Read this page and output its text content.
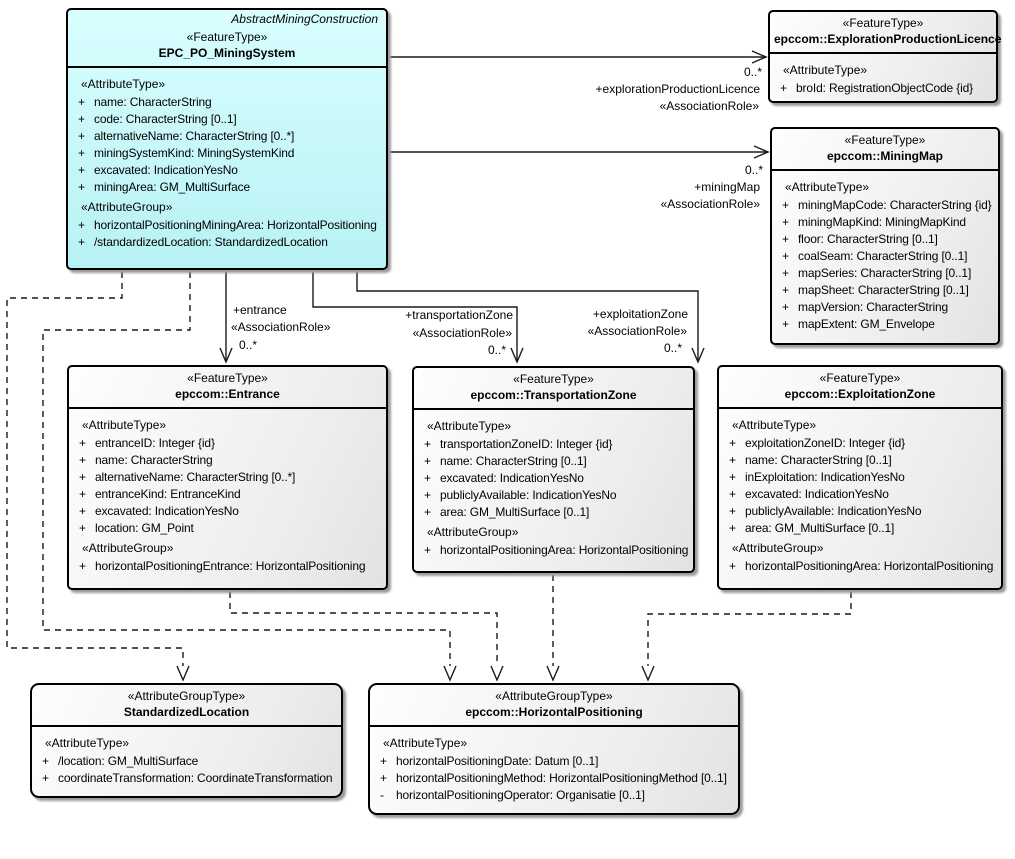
AbstractMiningConstruction
«FeatureType»
EPC_PO_MiningSystem
«AttributeType»
+ name: CharacterString
+ code: CharacterString [0..1]
+ alternativeName: CharacterString [0..*]
+ miningSystemKind: MiningSystemKind
+ excavated: IndicationYesNo
+ miningArea: GM_MultiSurface
«AttributeGroup»
+ horizontalPositioningMiningArea: HorizontalPositioning
+ /standardizedLocation: StandardizedLocation
«FeatureType»
epccom::ExplorationProductionLicence
«AttributeType»
+ broId: RegistrationObjectCode {id}
«FeatureType»
epccom::MiningMap
«AttributeType»
+ miningMapCode: CharacterString {id}
+ miningMapKind: MiningMapKind
+ floor: CharacterString [0..1]
+ coalSeam: CharacterString [0..1]
+ mapSeries: CharacterString [0..1]
+ mapSheet: CharacterString [0..1]
+ mapVersion: CharacterString
+ mapExtent: GM_Envelope
«FeatureType»
epccom::Entrance
«AttributeType»
+ entranceID: Integer {id}
+ name: CharacterString
+ alternativeName: CharacterString [0..*]
+ entranceKind: EntranceKind
+ excavated: IndicationYesNo
+ location: GM_Point
«AttributeGroup»
+ horizontalPositioningEntrance: HorizontalPositioning
«FeatureType»
epccom::TransportationZone
«AttributeType»
+ transportationZoneID: Integer {id}
+ name: CharacterString [0..1]
+ excavated: IndicationYesNo
+ publiclyAvailable: IndicationYesNo
+ area: GM_MultiSurface [0..1]
«AttributeGroup»
+ horizontalPositioningArea: HorizontalPositioning
«FeatureType»
epccom::ExploitationZone
«AttributeType»
+ exploitationZoneID: Integer {id}
+ name: CharacterString [0..1]
+ inExploitation: IndicationYesNo
+ excavated: IndicationYesNo
+ publiclyAvailable: IndicationYesNo
+ area: GM_MultiSurface [0..1]
«AttributeGroup»
+ horizontalPositioningArea: HorizontalPositioning
«AttributeGroupType»
StandardizedLocation
«AttributeType»
+ /location: GM_MultiSurface
+ coordinateTransformation: CoordinateTransformation
«AttributeGroupType»
epccom::HorizontalPositioning
«AttributeType»
+ horizontalPositioningDate: Datum [0..1]
+ horizontalPositioningMethod: HorizontalPositioningMethod [0..1]
-	horizontalPositioningOperator: Organisatie [0..1]
0..*
+explorationProductionLicence
«AssociationRole»
0..*
+miningMap
«AssociationRole»
+entrance
«AssociationRole»
0..*
+transportationZone
«AssociationRole»
0..*
+exploitationZone
«AssociationRole»
0..*
